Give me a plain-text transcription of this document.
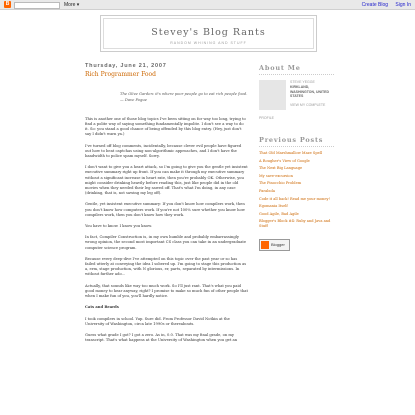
B	More ▾	Create Blog Sign In
Stevey's Blog Rants
RANDOM WHINING AND STUFF
Thursday, June 21, 2007
Rich Programmer Food
The Olive Garden: it's where poor people go to eat rich people food. — Dave Fogue

This is another one of those blog topics I've been sitting on for way too long, trying to find a polite way of saying something fundamentally impolite. I don't see a way to do it. So: you stand a good chance of being offended by this blog entry. (Hey, just don't say I didn't warn ya.)

I've turned off blog comments, incidentally, because clever evil people have figured out how to beat captchas using non-algorithmic approaches, and I don't have the bandwidth to police spam myself. Sorry.

I don't want to give you a heart attack, so I'm going to give you the gentle yet insistent executive summary right up front. If you can make it through my executive summary without a significant increase in heart rate, then you're probably OK. Otherwise, you might consider drinking heavily before reading this, just like people did in the old movies when they needed their leg sawed off. That's what I'm doing, in any case (drinking, that is, not sawing my leg off).

Gentle, yet insistent executive summary: If you don't know how compilers work, then you don't know how computers work. If you're not 100% sure whether you know how compilers work, then you don't know how they work.

You have to know. I know you know.

In fact, Compiler Construction is, in my own humble and probably embarrassingly wrong opinion, the second most important CS class you can take in an undergraduate computer science program.

Because every deep-dive I've attempted on this topic over the past year or so has failed utterly at conveying the idea I sobered up. I'm going to stage this production as a, erm, stage production, with N glorious, er, parts, separated by intermissions. In without further ado...

Actually, that sounds like way too much work. So I'll just rant. That's what you paid good money to hear anyway, right? I promise to make so much fun of other people that when I make fun of you, you'll hardly notice.

Cats and Beards

I took compilers in school. Yup. Sure did. From Professor David Notkin at the University of Washington, circa late 1990s or thereabouts.

Guess what grade I got? I got a zero. As in, 0.0. That was my final grade, on my transcript. That's what happens at the University of Washington when you get an

About Me
STEVE YEGGE
KIRKLAND, WASHINGTON, UNITED STATES
VIEW MY COMPLETE
PROFILE
Previous Posts
That Old Marshmallow Maze Spell
A Rougher's View of Google
The Next Big Language
My save-excursion
The Pinocchio Problem
Parabola
Code it all back! Read me your money!
Egomania Itself
Good Agile, Bad Agile
Blogger's Block #4: Ruby and Java and Stuff
Blogger
